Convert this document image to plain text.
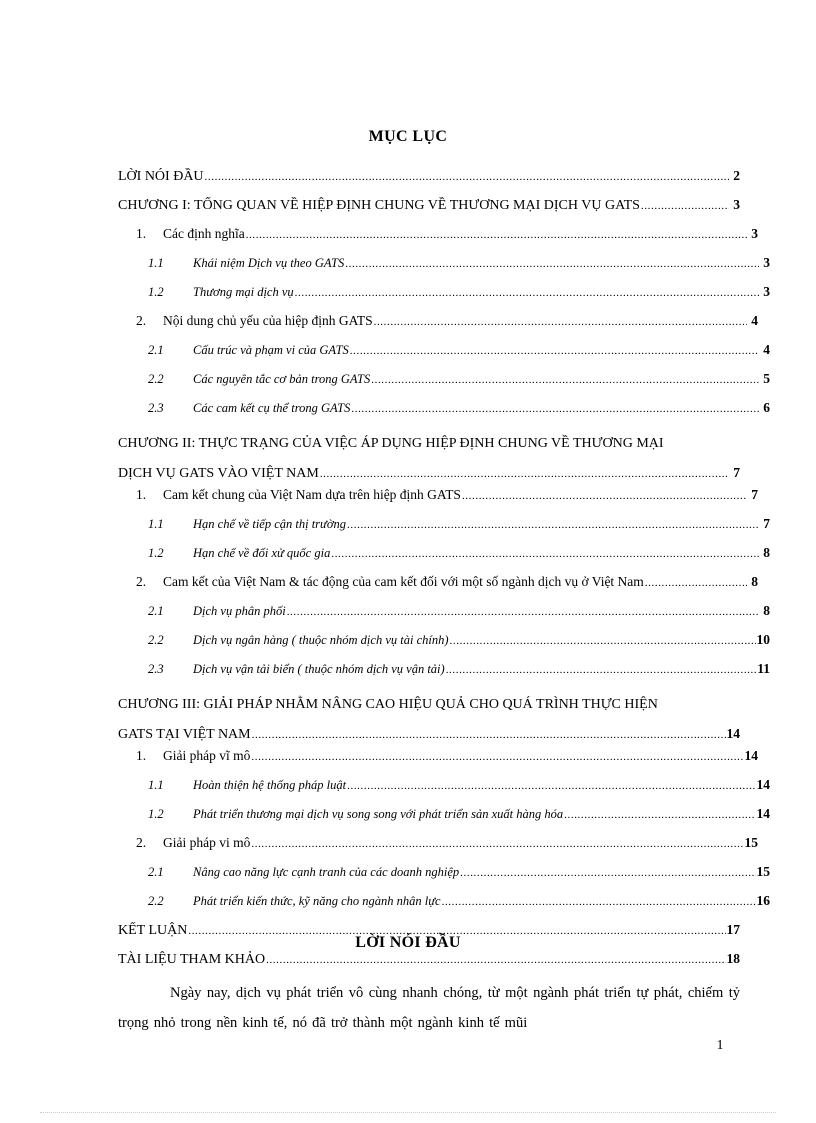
MỤC LỤC
LỜI NÓI ĐẦU .....	2
CHƯƠNG I: TỔNG QUAN VỀ HIỆP ĐỊNH CHUNG VỀ THƯƠNG MẠI DỊCH VỤ GATS .....	3
1.	Các định nghĩa .....	3
1.1	Khái niệm Dịch vụ theo GATS .....	3
1.2	Thương mại dịch vụ .....	3
2.	Nội dung chủ yếu của hiệp định GATS .....	4
2.1	Cấu trúc và phạm vi của GATS .....	4
2.2	Các nguyên tắc cơ bản trong GATS .....	5
2.3	Các cam kết cụ thể trong GATS .....	6
CHƯƠNG II: THỰC TRẠNG CỦA VIỆC ÁP DỤNG HIỆP ĐỊNH CHUNG VỀ THƯƠNG MẠI
DỊCH VỤ GATS VÀO VIỆT NAM .....	7
1.	Cam kết chung của Việt Nam dựa trên hiệp định GATS .....	7
1.1	Hạn chế về tiếp cận thị trường .....	7
1.2	Hạn chế về đối xử quốc gia .....	8
2.	Cam kết của Việt Nam & tác động của cam kết đối với một số ngành dịch vụ ở Việt Nam .....	8
2.1	Dịch vụ phân phối .....	8
2.2	Dịch vụ ngân hàng ( thuộc nhóm dịch vụ tài chính) .....	10
2.3	Dịch vụ vận tải biển ( thuộc nhóm dịch vụ vận tải) .....	11
CHƯƠNG III: GIẢI PHÁP NHẰM NÂNG CAO HIỆU QUẢ CHO QUÁ TRÌNH THỰC HIỆN
GATS TẠI VIỆT NAM .....	14
1.	Giải pháp vĩ mô .....	14
1.1	Hoàn thiện hệ thống pháp luật .....	14
1.2	Phát triển thương mại dịch vụ song song với phát triển sản xuất hàng hóa .....	14
2.	Giải pháp vi mô .....	15
2.1	Nâng cao năng lực cạnh tranh của các doanh nghiệp .....	15
2.2	Phát triển kiến thức, kỹ năng cho ngành nhân lực .....	16
KẾT LUẬN .....	17
TÀI LIỆU THAM KHẢO .....	18
LỜI NÓI ĐẦU
Ngày nay, dịch vụ phát triển vô cùng nhanh chóng, từ một ngành phát triển tự phát, chiếm tỷ trọng nhỏ trong nền kinh tế, nó đã trở thành một ngành kinh tế mũi
1
